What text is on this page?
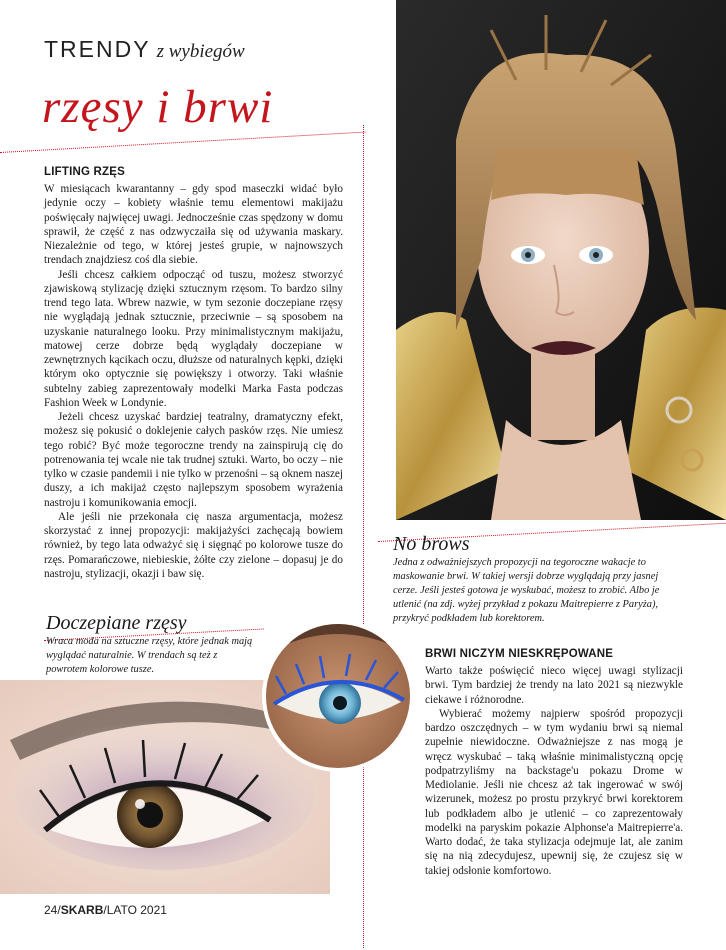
TRENDY z wybiegów
rzęsy i brwi
LIFTING RZĘS

W miesiącach kwarantanny – gdy spod maseczki widać było jedynie oczy – kobiety właśnie temu elementowi makijażu poświęcały najwięcej uwagi. Jednocześnie czas spędzony w domu sprawił, że część z nas odzwyczaiła się od używania maskary. Niezależnie od tego, w której jesteś grupie, w najnowszych trendach znajdziesz coś dla siebie.

Jeśli chcesz całkiem odpocząć od tuszu, możesz stworzyć zjawiskową stylizację dzięki sztucznym rzęsom. To bardzo silny trend tego lata. Wbrew nazwie, w tym sezonie doczepiane rzęsy nie wyglądają jednak sztucznie, przeciwnie – są sposobem na uzyskanie naturalnego looku. Przy minimalistycznym makijażu, matowej cerze dobrze będą wyglądały doczepiane w zewnętrznych kącikach oczu, dłuższe od naturalnych kępki, dzięki którym oko optycznie się powiększy i otworzy. Taki właśnie subtelny zabieg zaprezentowały modelki Marka Fasta podczas Fashion Week w Londynie.

Jeżeli chcesz uzyskać bardziej teatralny, dramatyczny efekt, możesz się pokusić o doklejenie całych pasków rzęs. Nie umiesz tego robić? Być może tegoroczne trendy na zainspirują cię do potrenowania tej wcale nie tak trudnej sztuki. Warto, bo oczy – nie tylko w czasie pandemii i nie tylko w przenośni – są oknem naszej duszy, a ich makijaż często najlepszym sposobem wyrażenia nastroju i komunikowania emocji.

Ale jeśli nie przekonała cię nasza argumentacja, możesz skorzystać z innej propozycji: makijażyści zachęcają bowiem również, by tego lata odważyć się i sięgnąć po kolorowe tusze do rzęs. Pomarańczowe, niebieskie, żółte czy zielone – dopasuj je do nastroju, stylizacji, okazji i baw się.

No brows
Jedna z odważniejszych propozycji na tegoroczne wakacje to maskowanie brwi. W takiej wersji dobrze wyglądają przy jasnej cerze. Jeśli jesteś gotowa je wyskubać, możesz to zrobić. Albo je utlenić (na zdj. wyżej przykład z pokazu Maitrepierre z Paryża), przykryć podkładem lub korektorem.
Doczepiane rzęsy
Wraca moda na sztuczne rzęsy, które jednak mają wyglądać naturalnie. W trendach są też z powrotem kolorowe tusze.
BRWI NICZYM NIESKRĘPOWANE

Warto także poświęcić nieco więcej uwagi stylizacji brwi. Tym bardziej że trendy na lato 2021 są niezwykle ciekawe i różnorodne.

Wybierać możemy najpierw spośród propozycji bardzo oszczędnych – w tym wydaniu brwi są niemal zupełnie niewidoczne. Odważniejsze z nas mogą je wręcz wyskubać – taką właśnie minimalistyczną opcję podpatrzyliśmy na backstage'u pokazu Drome w Mediolanie. Jeśli nie chcesz aż tak ingerować w swój wizerunek, możesz po prostu przykryć brwi korektorem lub podkładem albo je utlenić – co zaprezentowały modelki na paryskim pokazie Alphonse'a Maitrepierre'a. Warto dodać, że taka stylizacja odejmuje lat, ale zanim się na nią zdecydujesz, upewnij się, że czujesz się w takiej odsłonie komfortowo.

24/SKARB/LATO 2021
